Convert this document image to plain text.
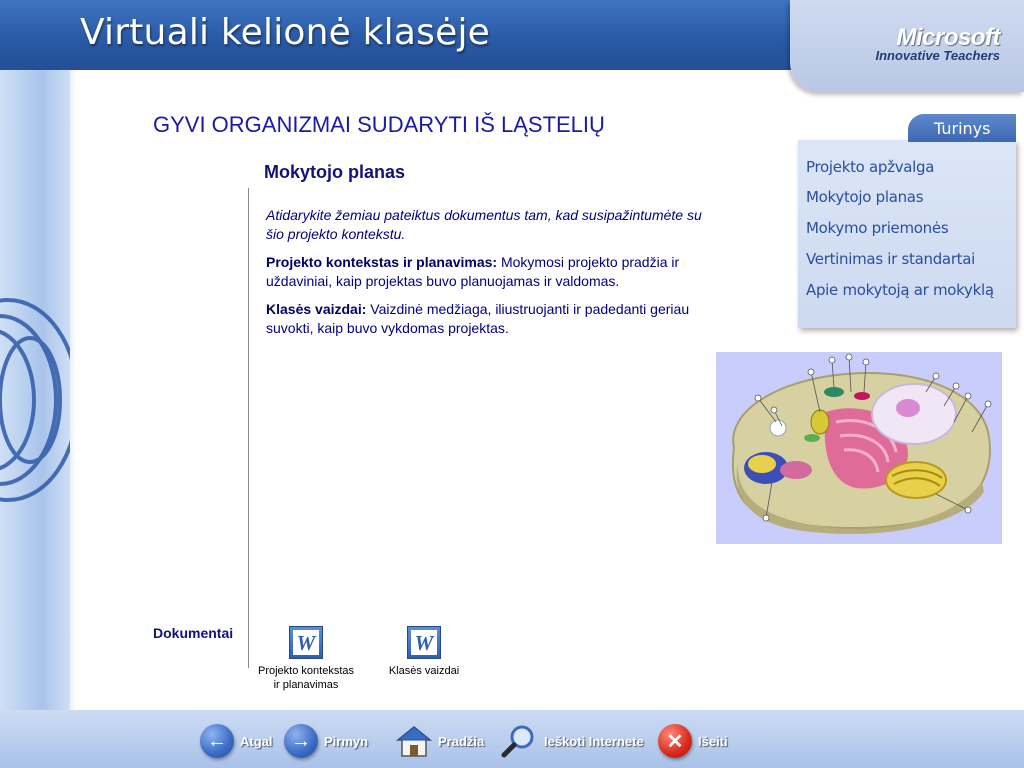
Virtuali kelionė klasėje	Microsoft
Innovative Teachers
GYVI ORGANIZMAI SUDARYTI IŠ LĄSTELIŲ
Mokytojo planas

Atidarykite žemiau pateiktus dokumentus tam, kad susipažintumėte su šio projekto kontekstu.

Projekto kontekstas ir planavimas: Mokymosi projekto pradžia ir uždaviniai, kaip projektas buvo planuojamas ir valdomas.

Klasės vaizdai: Vaizdinė medžiaga, iliustruojanti ir padedanti geriau suvokti, kaip buvo vykdomas projektas.

Turinys
Projekto apžvalga
Mokytojo planas
Mokymo priemonės
Vertinimas ir standartai
Apie mokytoją ar mokyklą
Dokumentai	W
Projekto kontekstas
ir planavimas
W
Klasės vaizdai
←	Atgal →	Pirmyn	Pradžia	Ieškoti Internete	✕	Išeiti
